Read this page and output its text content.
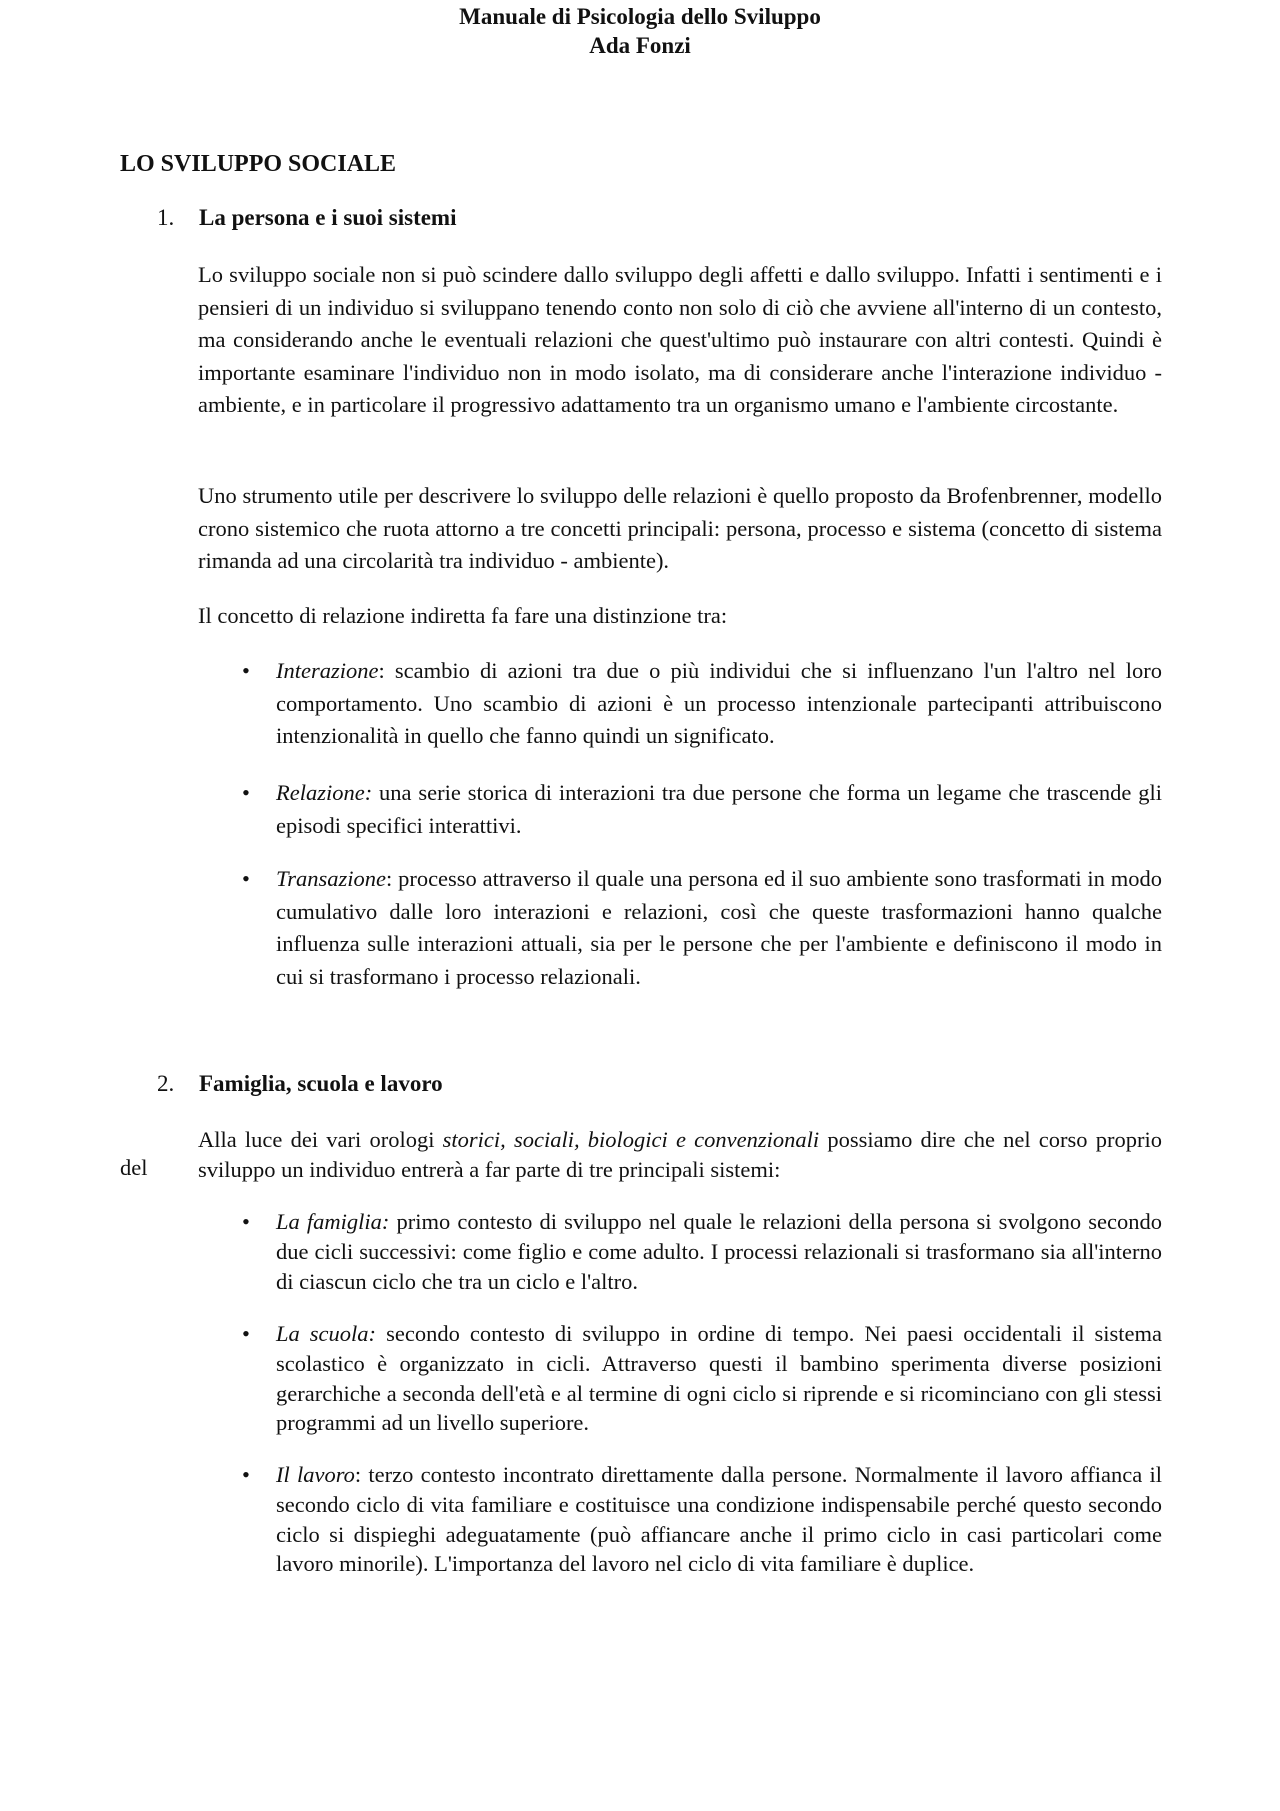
Manuale di Psicologia dello Sviluppo
Ada Fonzi
LO SVILUPPO SOCIALE
1. La persona e i suoi sistemi
Lo sviluppo sociale non si può scindere dallo sviluppo degli affetti e dallo sviluppo. Infatti i sentimenti e i pensieri di un individuo si sviluppano tenendo conto non solo di ciò che avviene all'interno di un contesto, ma considerando anche le eventuali relazioni che quest'ultimo può instaurare con altri contesti. Quindi è importante esaminare l'individuo non in modo isolato, ma di considerare anche l'interazione individuo - ambiente, e in particolare il progressivo adattamento tra un organismo umano e l'ambiente circostante.
Uno strumento utile per descrivere lo sviluppo delle relazioni è quello proposto da Brofenbrenner, modello crono sistemico che ruota attorno a tre concetti principali: persona, processo e sistema (concetto di sistema rimanda ad una circolarità tra individuo - ambiente).
Il concetto di relazione indiretta fa fare una distinzione tra:
• Interazione: scambio di azioni tra due o più individui che si influenzano l'un l'altro nel loro comportamento. Uno scambio di azioni è un processo intenzionale partecipanti attribuiscono intenzionalità in quello che fanno quindi un significato.
• Relazione: una serie storica di interazioni tra due persone che forma un legame che trascende gli episodi specifici interattivi.
• Transazione: processo attraverso il quale una persona ed il suo ambiente sono trasformati in modo cumulativo dalle loro interazioni e relazioni, così che queste trasformazioni hanno qualche influenza sulle interazioni attuali, sia per le persone che per l'ambiente e definiscono il modo in cui si trasformano i processo relazionali.
2. Famiglia, scuola e lavoro
del
Alla luce dei vari orologi storici, sociali, biologici e convenzionali possiamo dire che nel corso proprio sviluppo un individuo entrerà a far parte di tre principali sistemi:
• La famiglia: primo contesto di sviluppo nel quale le relazioni della persona si svolgono secondo due cicli successivi: come figlio e come adulto. I processi relazionali si trasformano sia all'interno di ciascun ciclo che tra un ciclo e l'altro.
• La scuola: secondo contesto di sviluppo in ordine di tempo. Nei paesi occidentali il sistema scolastico è organizzato in cicli. Attraverso questi il bambino sperimenta diverse posizioni gerarchiche a seconda dell'età e al termine di ogni ciclo si riprende e si ricominciano con gli stessi programmi ad un livello superiore.
• Il lavoro: terzo contesto incontrato direttamente dalla persone. Normalmente il lavoro affianca il secondo ciclo di vita familiare e costituisce una condizione indispensabile perché questo secondo ciclo si dispieghi adeguatamente (può affiancare anche il primo ciclo in casi particolari come lavoro minorile). L'importanza del lavoro nel ciclo di vita familiare è duplice.
